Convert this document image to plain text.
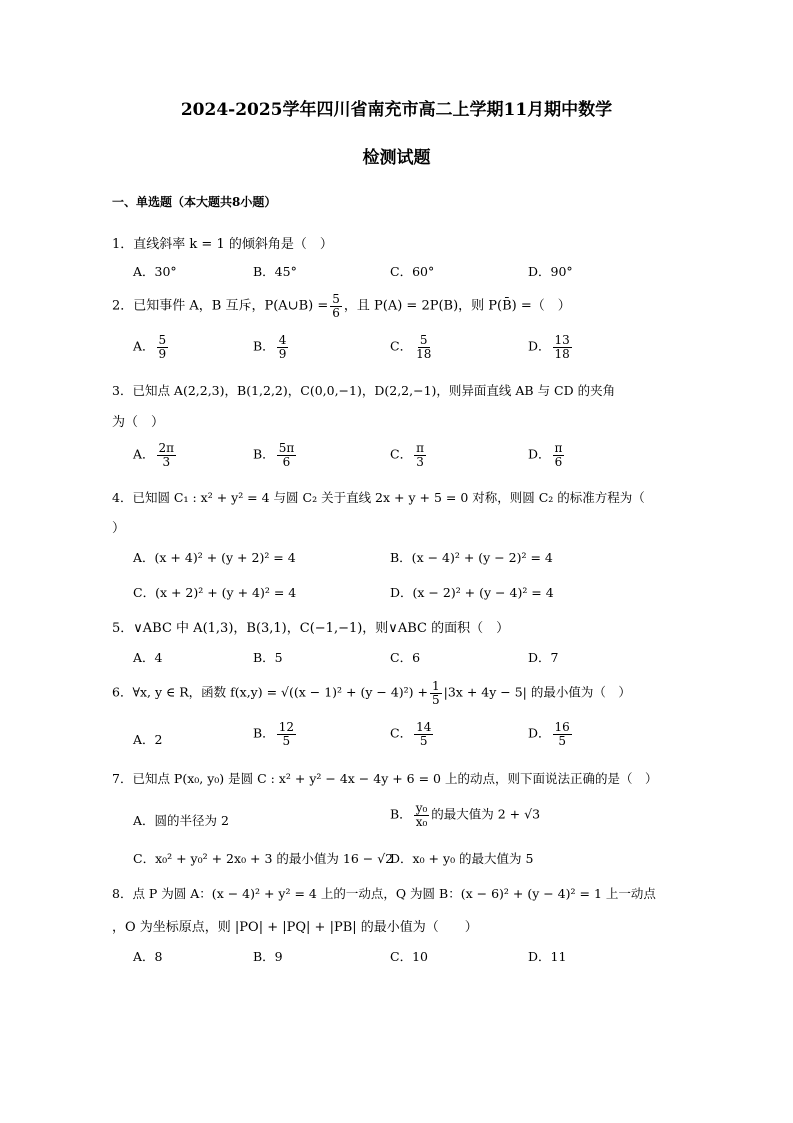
2024-2025学年四川省南充市高二上学期11月期中数学
检测试题
一、单选题（本大题共8小题）
1．直线斜率 k = 1 的倾斜角是（　）
A．30°	B．45°	C．60°	D．90°
2．已知事件 A，B 互斥，P(A∪B) = $\frac{5}{6}$ ，且 P(A) = 2P(B)，则 P(B̄) =（　）
A． $\frac{5}{9}$	B． $\frac{4}{9}$	C． $\frac{5}{18}$	D． $\frac{13}{18}$
3．已知点 A(2,2,3)，B(1,2,2)，C(0,0,−1)，D(2,2,−1)，则异面直线 AB 与 CD 的夹角
为（　）
A． $\frac{2\pi}{3}$	B． $\frac{5\pi}{6}$	C． $\frac{\pi}{3}$	D． $\frac{\pi}{6}$
4．已知圆 C₁ : x² + y² = 4 与圆 C₂ 关于直线 2x + y + 5 = 0 对称，则圆 C₂ 的标准方程为（
）
A．(x + 4)² + (y + 2)² = 4	B．(x − 4)² + (y − 2)² = 4
C．(x + 2)² + (y + 4)² = 4	D．(x − 2)² + (y − 4)² = 4
5．∨ABC 中 A(1,3)，B(3,1)，C(−1,−1)，则∨ABC 的面积（　）
A．4	B．5	C．6	D．7
6．∀x, y ∈ R，函数 $f(x,y) = √((x - 1)^2 + (y - 4)^2) + \frac{1}{5} |3x + 4y - 5|$ 的最小值为（　）
A．2	B． $\frac{12}{5}$	C． $\frac{14}{5}$	D． $\frac{16}{5}$
7．已知点 P(x₀, y₀) 是圆 C : x² + y² − 4x − 4y + 6 = 0 上的动点，则下面说法正确的是（　）
A．圆的半径为 2	B． $\frac{\text{y₀}}{\text{x₀}}$ 的最大值为 2 + √3
C．x₀² + y₀² + 2x₀ + 3 的最小值为 16 − √2
D．x₀ + y₀ 的最大值为 5
8．点 P 为圆 A：(x − 4)² + y² = 4 上的一动点，Q 为圆 B：(x − 6)² + (y − 4)² = 1 上一动点
，O 为坐标原点，则 |PO| + |PQ| + |PB| 的最小值为（　　）
A．8	B．9	C．10	D．11
